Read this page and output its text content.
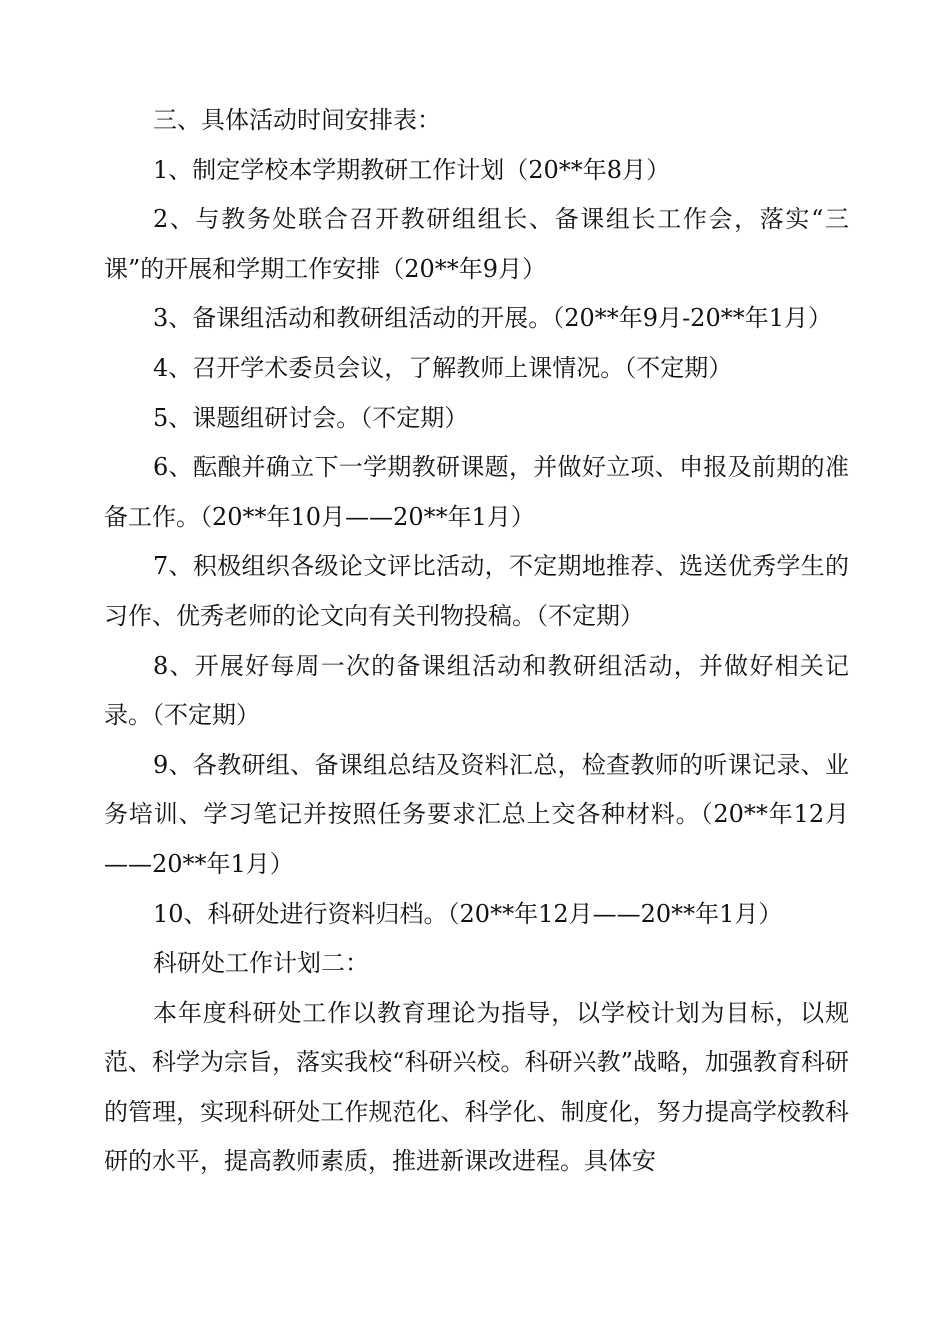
三、具体活动时间安排表：

1、制定学校本学期教研工作计划（20**年8月）

2、与教务处联合召开教研组组长、备课组长工作会，落实“三课”的开展和学期工作安排（20**年9月）

3、备课组活动和教研组活动的开展。（20**年9月-20**年1月）

4、召开学术委员会议，了解教师上课情况。（不定期）

5、课题组研讨会。（不定期）

6、酝酿并确立下一学期教研课题，并做好立项、申报及前期的准备工作。（20**年10月——20**年1月）

7、积极组织各级论文评比活动，不定期地推荐、选送优秀学生的习作、优秀老师的论文向有关刊物投稿。（不定期）

8、开展好每周一次的备课组活动和教研组活动，并做好相关记录。（不定期）

9、各教研组、备课组总结及资料汇总，检查教师的听课记录、业务培训、学习笔记并按照任务要求汇总上交各种材料。（20**年12月——20**年1月）

10、科研处进行资料归档。（20**年12月——20**年1月）

科研处工作计划二：

本年度科研处工作以教育理论为指导，以学校计划为目标，以规范、科学为宗旨，落实我校“科研兴校。科研兴教”战略，加强教育科研的管理，实现科研处工作规范化、科学化、制度化，努力提高学校教科研的水平，提高教师素质，推进新课改进程。具体安
